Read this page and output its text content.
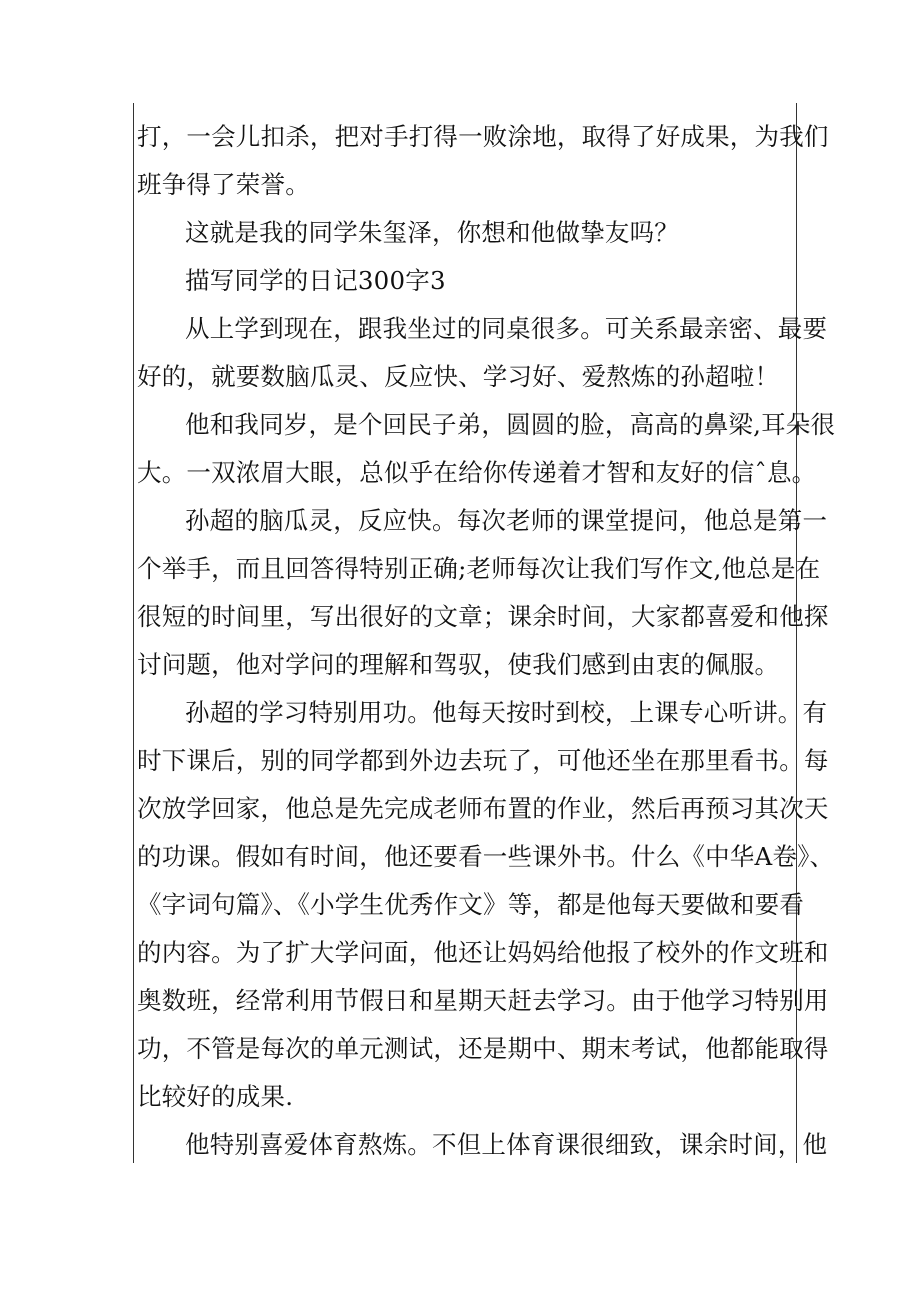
打，一会儿扣杀，把对手打得一败涂地，取得了好成果，为我们
班争得了荣誉。
这就是我的同学朱玺泽，你想和他做挚友吗？
描写同学的日记300字3
从上学到现在，跟我坐过的同桌很多。可关系最亲密、最要
好的，就要数脑瓜灵、反应快、学习好、爱熬炼的孙超啦！
他和我同岁，是个回民子弟，圆圆的脸，高高的鼻梁,耳朵很
大。一双浓眉大眼，总似乎在给你传递着才智和友好的信ˆ息。
孙超的脑瓜灵，反应快。每次老师的课堂提问，他总是第一
个举手，而且回答得特别正确;老师每次让我们写作文,他总是在
很短的时间里，写出很好的文章；课余时间，大家都喜爱和他探
讨问题，他对学问的理解和驾驭，使我们感到由衷的佩服。
孙超的学习特别用功。他每天按时到校，上课专心听讲。有
时下课后，别的同学都到外边去玩了，可他还坐在那里看书。每
次放学回家，他总是先完成老师布置的作业，然后再预习其次天
的功课。假如有时间，他还要看一些课外书。什么《中华A卷》、
《字词句篇》、《小学生优秀作文》等，都是他每天要做和要看
的内容。为了扩大学问面，他还让妈妈给他报了校外的作文班和
奥数班，经常利用节假日和星期天赶去学习。由于他学习特别用
功，不管是每次的单元测试，还是期中、期末考试，他都能取得
比较好的成果.
他特别喜爱体育熬炼。不但上体育课很细致，课余时间，他
